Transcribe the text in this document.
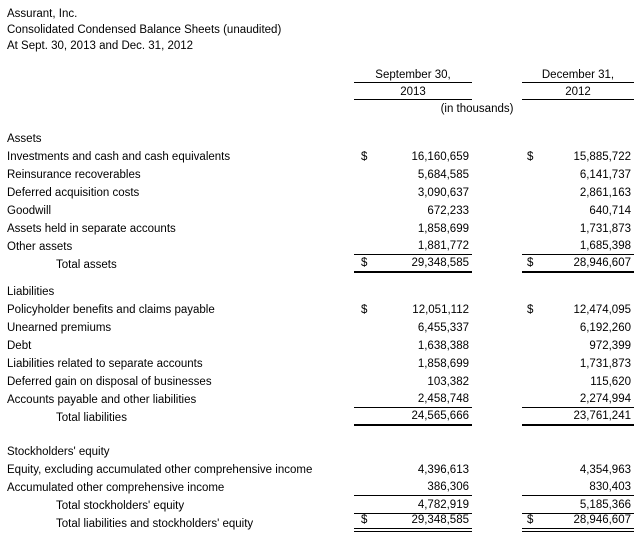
Assurant, Inc.
Consolidated Condensed Balance Sheets (unaudited)
At Sept. 30, 2013 and Dec. 31, 2012
September 30,	December 31,
2013	2012
(in thousands)
Assets
Investments and cash and cash equivalents	$	16,160,659	$	15,885,722
Reinsurance recoverables	5,684,585	6,141,737
Deferred acquisition costs	3,090,637	2,861,163
Goodwill	672,233	640,714
Assets held in separate accounts	1,858,699	1,731,873
Other assets	1,881,772	1,685,398
Total assets	$	29,348,585	$	28,946,607
Liabilities
Policyholder benefits and claims payable	$	12,051,112	$	12,474,095
Unearned premiums	6,455,337	6,192,260
Debt	1,638,388	972,399
Liabilities related to separate accounts	1,858,699	1,731,873
Deferred gain on disposal of businesses	103,382	115,620
Accounts payable and other liabilities	2,458,748	2,274,994
Total liabilities	24,565,666	23,761,241
Stockholders' equity
Equity, excluding accumulated other comprehensive income	4,396,613	4,354,963
Accumulated other comprehensive income	386,306	830,403
Total stockholders' equity	4,782,919	5,185,366
Total liabilities and stockholders' equity	$	29,348,585	$	28,946,607
